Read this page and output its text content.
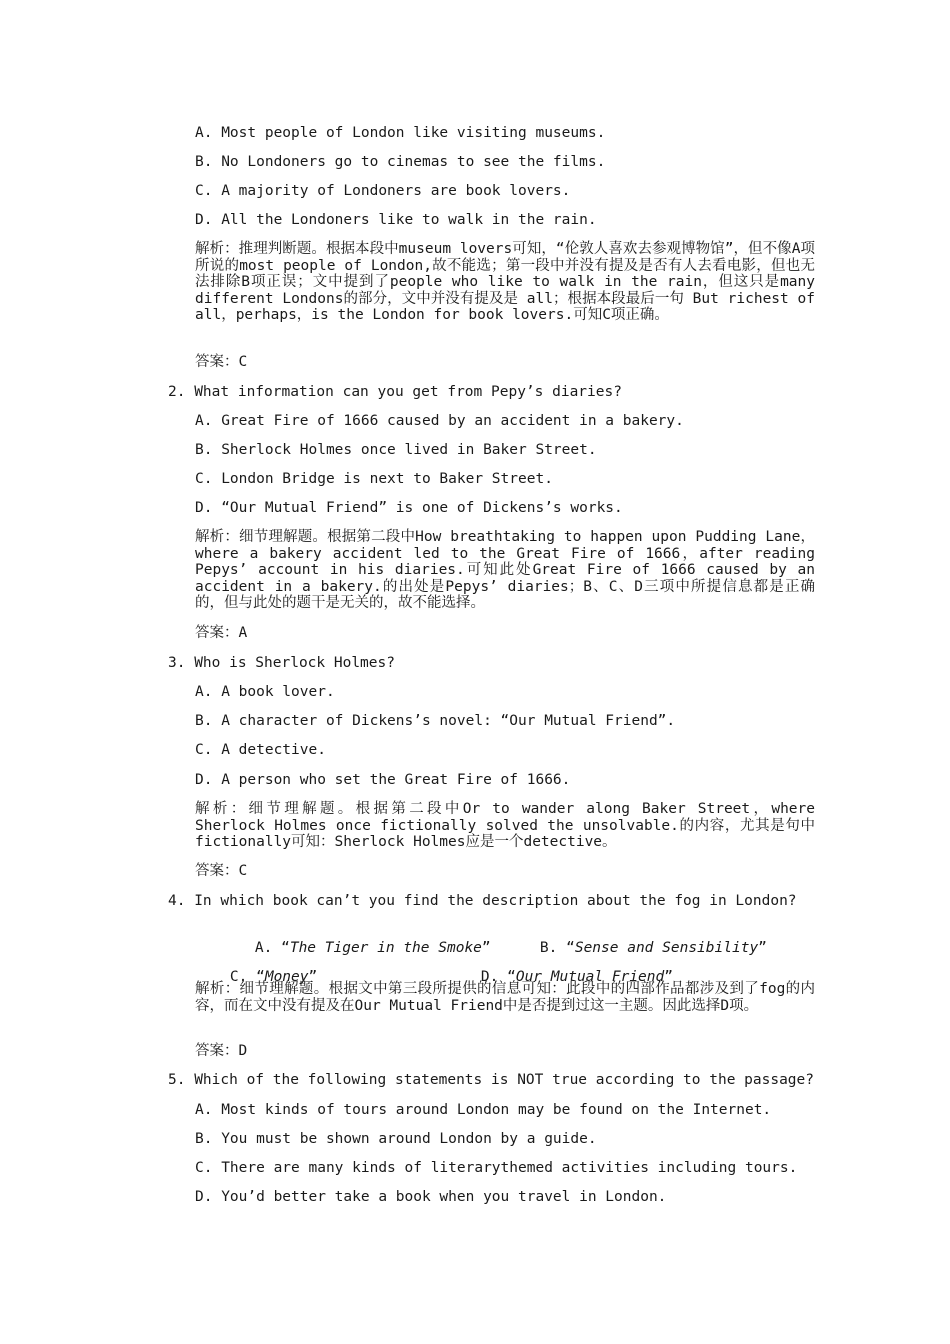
A. Most people of London like visiting museums.
B. No Londoners go to cinemas to see the films.
C. A majority of Londoners are book lovers.
D. All the Londoners like to walk in the rain.
解析：推理判断题。根据本段中museum lovers可知，“伦敦人喜欢去参观博物馆”，但不像A项所说的most people of London,故不能选；第一段中并没有提及是否有人去看电影，但也无法排除B项正误；文中提到了people who like to walk in the rain，但这只是many different Londons的部分，文中并没有提及是 all；根据本段最后一句 But richest of all，perhaps，is the London for book lovers.可知C项正确。
答案：C
2. What information can you get from Pepy’s diaries?
A. Great Fire of 1666 caused by an accident in a bakery.
B. Sherlock Holmes once lived in Baker Street.
C. London Bridge is next to Baker Street.
D. “Our Mutual Friend” is one of Dickens’s works.
解析：细节理解题。根据第二段中How breathtaking to happen upon Pudding Lane，where a bakery accident led to the Great Fire of 1666，after reading Pepys’ account in his diaries.可知此处Great Fire of 1666 caused by an accident in a bakery.的出处是Pepys’ diaries；B、C、D三项中所提信息都是正确的，但与此处的题干是无关的，故不能选择。
答案：A
3. Who is Sherlock Holmes?
A. A book lover.
B. A character of Dickens’s novel: “Our Mutual Friend”.
C. A detective.
D. A person who set the Great Fire of 1666.
解析：细节理解题。根据第二段中Or to wander along Baker Street，where Sherlock Holmes once fictionally solved the unsolvable.的内容，尤其是句中fictionally可知：Sherlock Holmes应是一个detective。
答案：C
4. In which book can’t you find the description about the fog in London?

A. “The Tiger in the Smoke”
	B. “Sense and Sensibility”

C. “Money”
	D. “Our Mutual Friend”

解析：细节理解题。根据文中第三段所提供的信息可知：此段中的四部作品都涉及到了fog的内容，而在文中没有提及在Our Mutual Friend中是否提到过这一主题。因此选择D项。
答案：D
5. Which of the following statements is NOT true according to the passage?
A. Most kinds of tours around London may be found on the Internet.
B. You must be shown around London by a guide.
C. There are many kinds of literarythemed activities including tours.
D. You’d better take a book when you travel in London.
